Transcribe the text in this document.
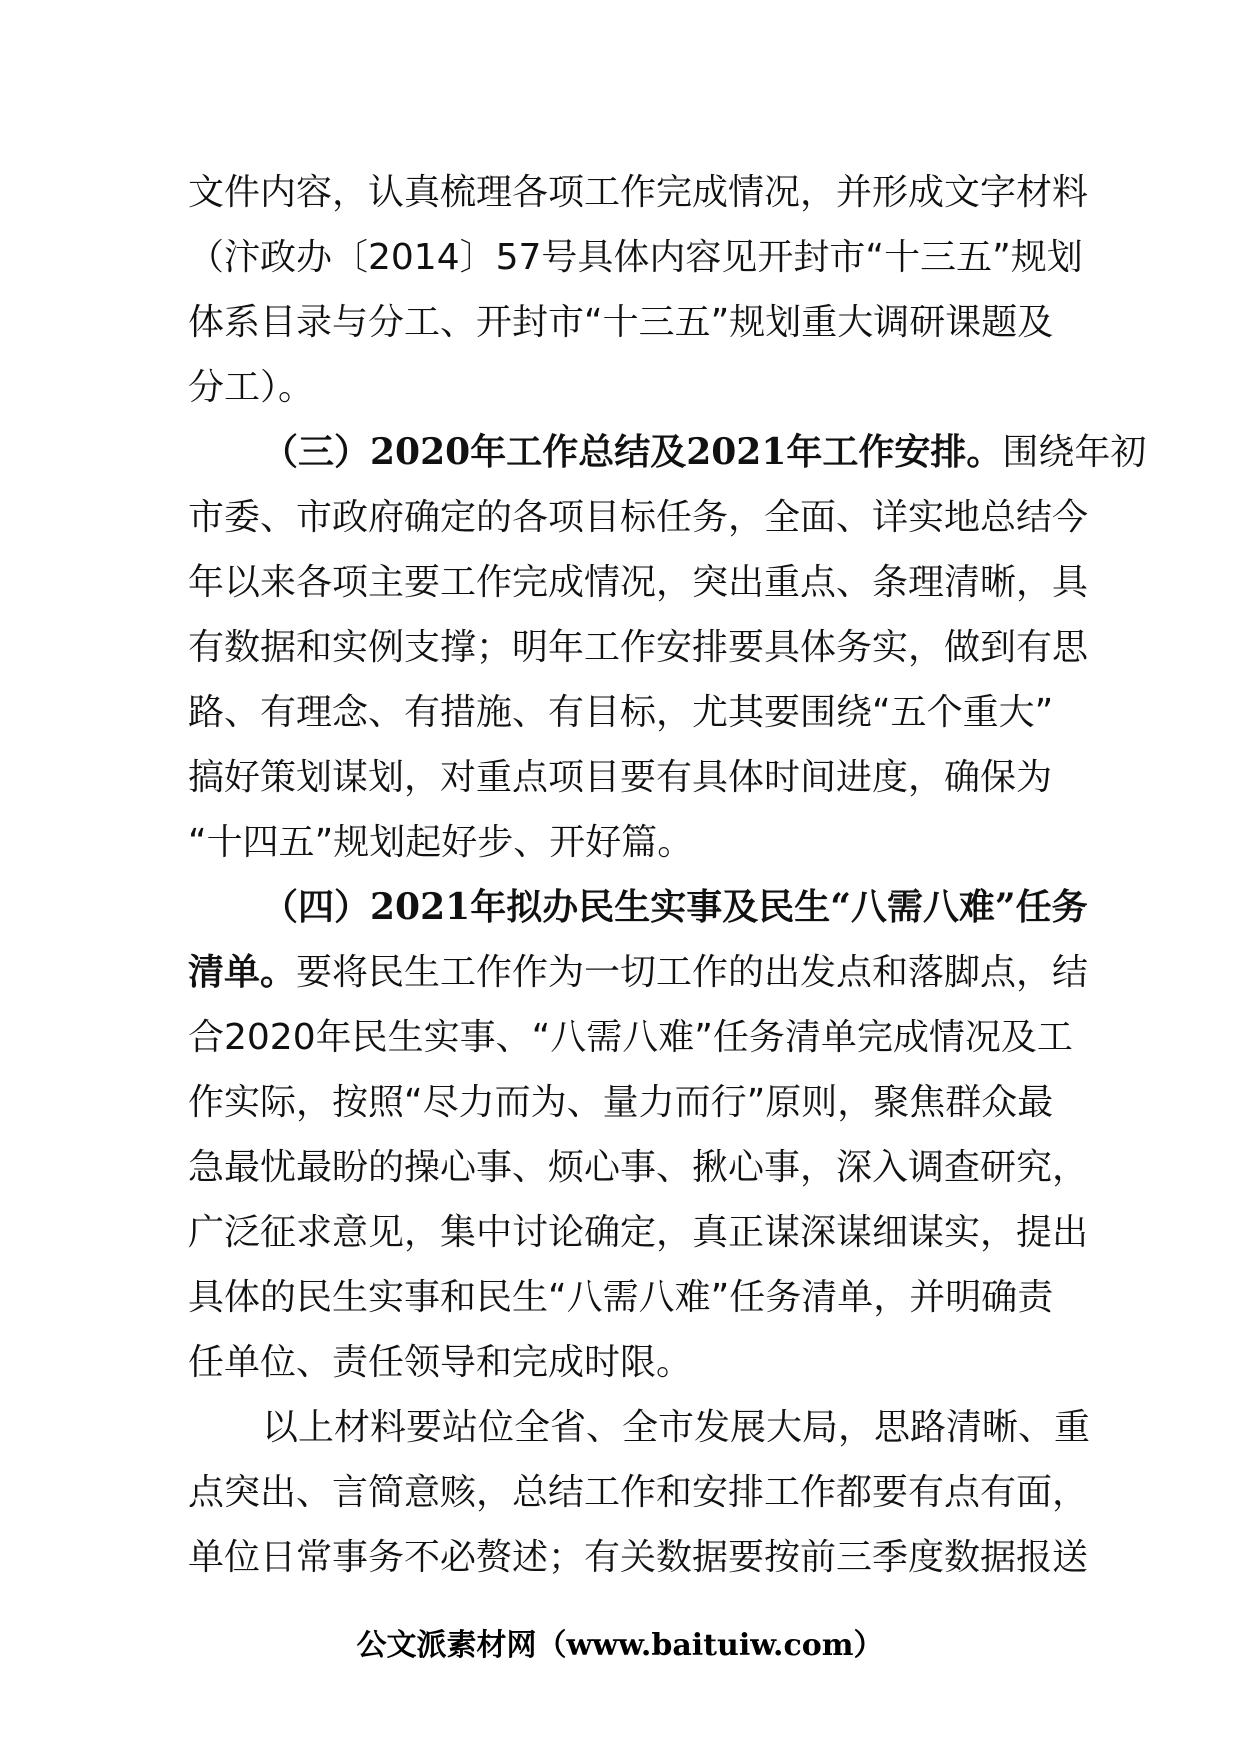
文件内容，认真梳理各项工作完成情况，并形成文字材料
（汴政办〔2014〕57号具体内容见开封市“十三五”规划
体系目录与分工、开封市“十三五”规划重大调研课题及
分工）。
（三）2020年工作总结及2021年工作安排。围绕年初
市委、市政府确定的各项目标任务，全面、详实地总结今
年以来各项主要工作完成情况，突出重点、条理清晰，具
有数据和实例支撑；明年工作安排要具体务实，做到有思
路、有理念、有措施、有目标，尤其要围绕“五个重大”
搞好策划谋划，对重点项目要有具体时间进度，确保为
“十四五”规划起好步、开好篇。
（四）2021年拟办民生实事及民生“八需八难”任务
清单。要将民生工作作为一切工作的出发点和落脚点，结
合2020年民生实事、“八需八难”任务清单完成情况及工
作实际，按照“尽力而为、量力而行”原则，聚焦群众最
急最忧最盼的操心事、烦心事、揪心事，深入调查研究，
广泛征求意见，集中讨论确定，真正谋深谋细谋实，提出
具体的民生实事和民生“八需八难”任务清单，并明确责
任单位、责任领导和完成时限。
以上材料要站位全省、全市发展大局，思路清晰、重
点突出、言简意赅，总结工作和安排工作都要有点有面，
单位日常事务不必赘述；有关数据要按前三季度数据报送
公文派素材网（www.baituiw.com）
